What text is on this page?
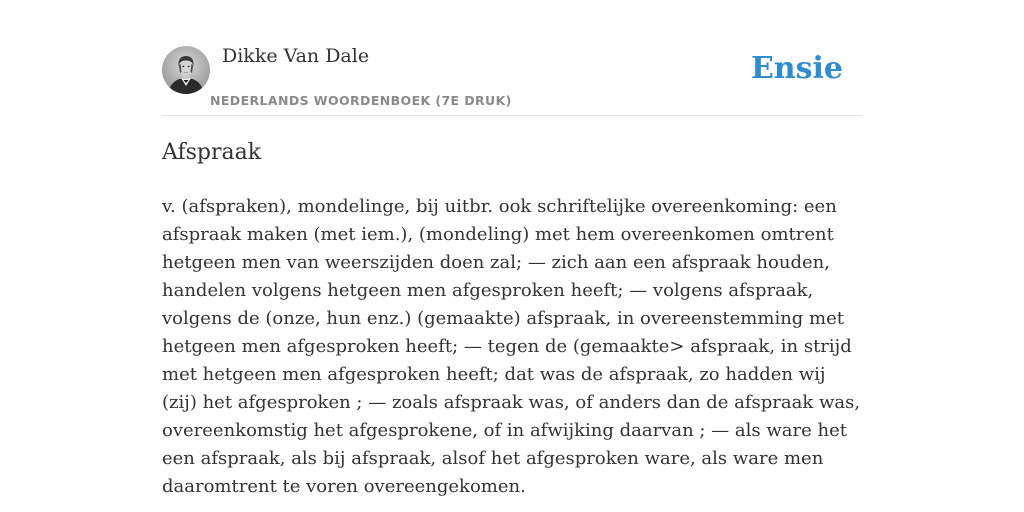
Dikke Van Dale
NEDERLANDS WOORDENBOEK (7E DRUK)
Ensie
Afspraak

v. (afspraken), mondelinge, bij uitbr. ook schriftelijke overeenkoming: een afspraak maken (met iem.), (mondeling) met hem overeenkomen omtrent hetgeen men van weerszijden doen zal; — zich aan een afspraak houden, handelen volgens hetgeen men afgesproken heeft; — volgens afspraak, volgens de (onze, hun enz.) (gemaakte) afspraak, in overeenstemming met hetgeen men afgesproken heeft; — tegen de (gemaakte> afspraak, in strijd met hetgeen men afgesproken heeft; dat was de afspraak, zo hadden wij (zij) het afgesproken ; — zoals afspraak was, of anders dan de afspraak was, overeenkomstig het afgesprokene, of in afwijking daarvan ; — als ware het een afspraak, als bij afspraak, alsof het afgesproken ware, als ware men daaromtrent te voren overeengekomen.
